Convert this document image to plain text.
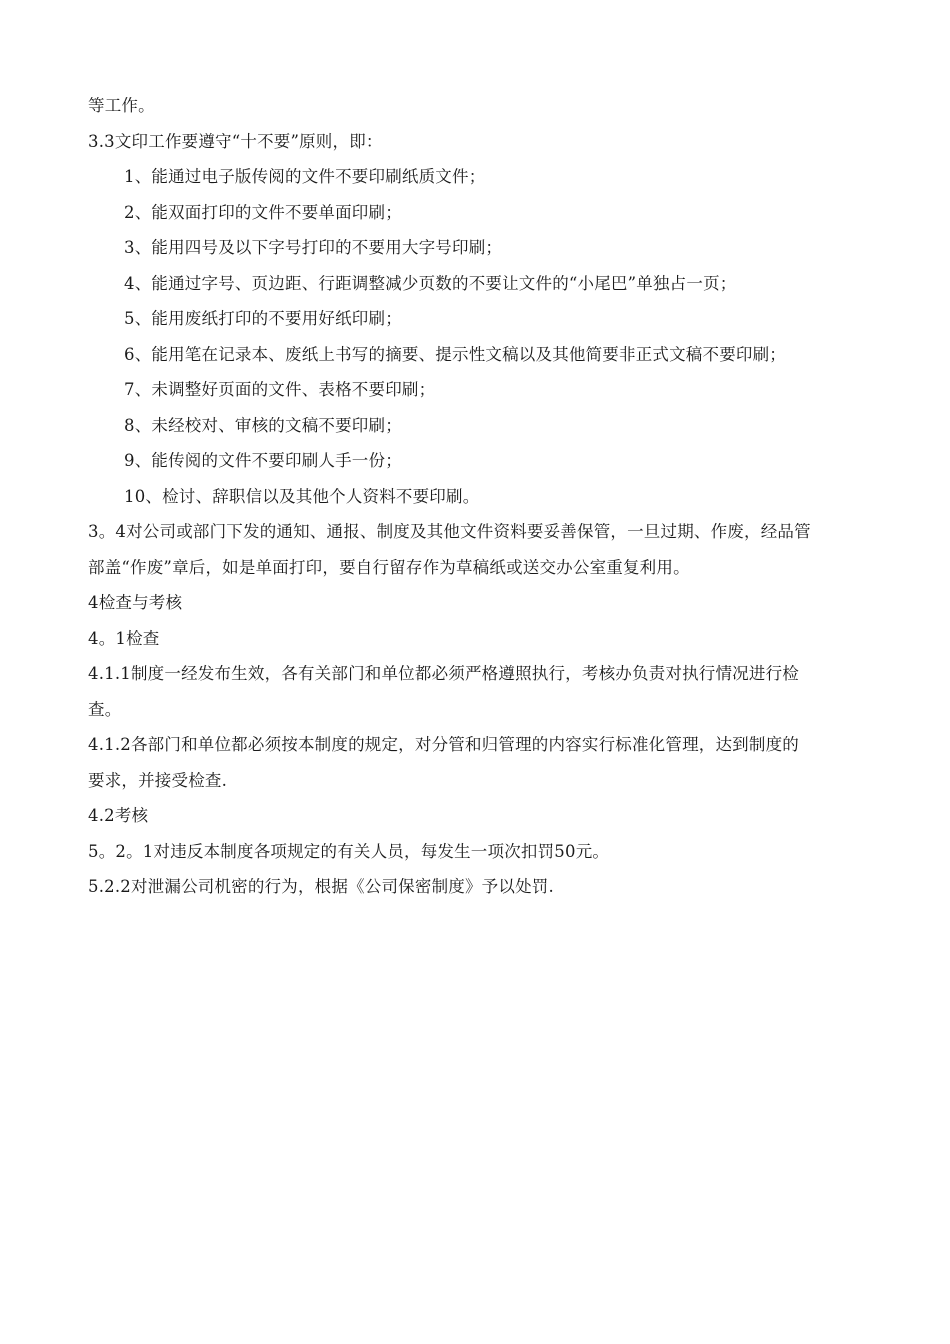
等工作。
3.3文印工作要遵守“十不要”原则，即：
1、能通过电子版传阅的文件不要印刷纸质文件；
2、能双面打印的文件不要单面印刷；
3、能用四号及以下字号打印的不要用大字号印刷；
4、能通过字号、页边距、行距调整减少页数的不要让文件的“小尾巴”单独占一页；
5、能用废纸打印的不要用好纸印刷；
6、能用笔在记录本、废纸上书写的摘要、提示性文稿以及其他简要非正式文稿不要印刷；
7、未调整好页面的文件、表格不要印刷；
8、未经校对、审核的文稿不要印刷；
9、能传阅的文件不要印刷人手一份；
10、检讨、辞职信以及其他个人资料不要印刷。
3。4对公司或部门下发的通知、通报、制度及其他文件资料要妥善保管，一旦过期、作废，经品管
部盖“作废”章后，如是单面打印，要自行留存作为草稿纸或送交办公室重复利用。
4检查与考核
4。1检查
4.1.1制度一经发布生效，各有关部门和单位都必须严格遵照执行，考核办负责对执行情况进行检
查。
4.1.2各部门和单位都必须按本制度的规定，对分管和归管理的内容实行标准化管理，达到制度的
要求，并接受检查.
4.2考核
5。2。1对违反本制度各项规定的有关人员，每发生一项次扣罚50元。
5.2.2对泄漏公司机密的行为，根据《公司保密制度》予以处罚.
